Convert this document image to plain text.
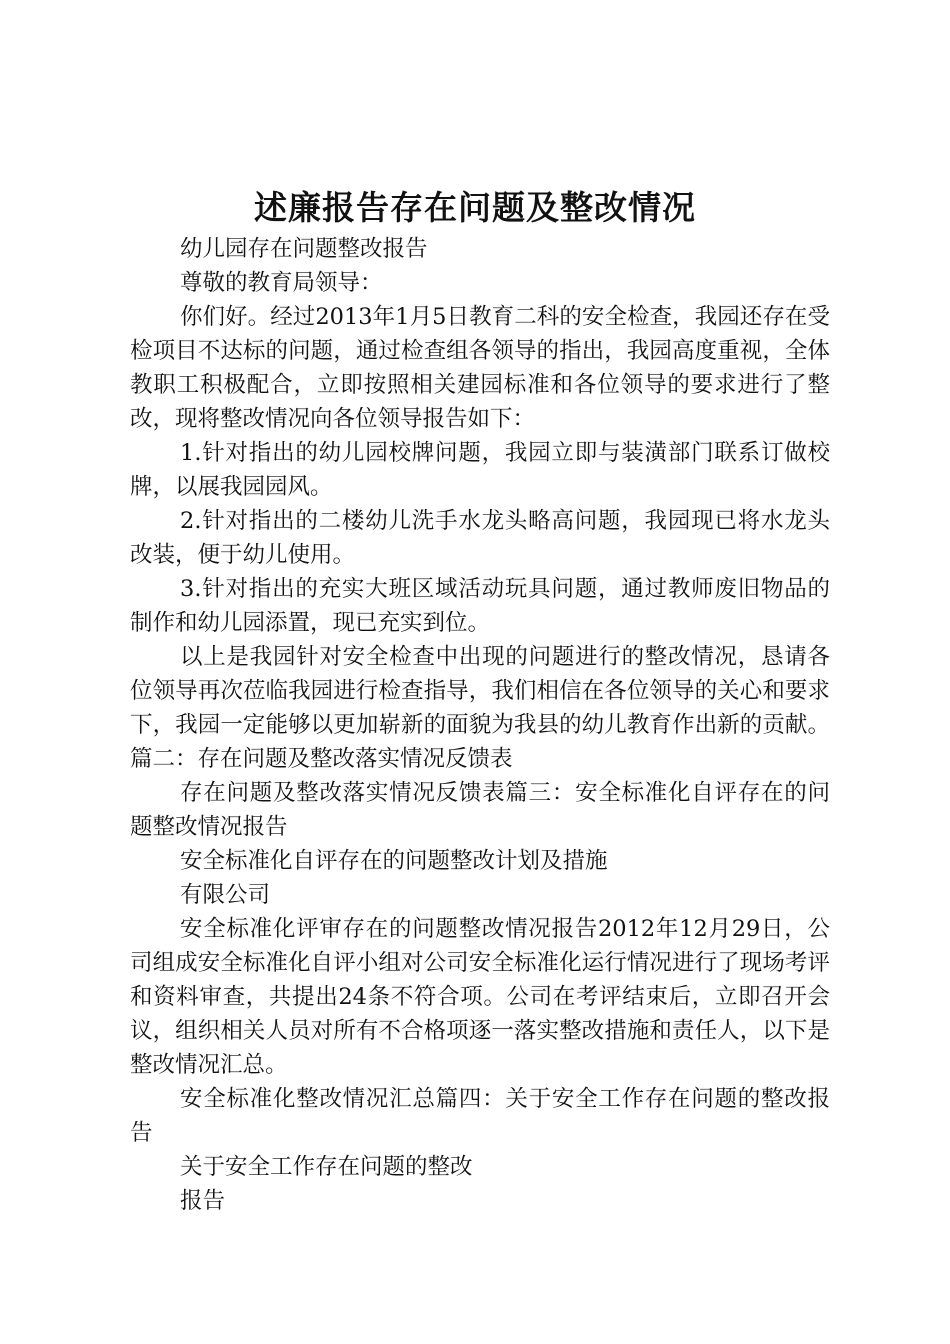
述廉报告存在问题及整改情况

幼儿园存在问题整改报告

尊敬的教育局领导：

你们好。经过2013年1月5日教育二科的安全检查，我园还存在受检项目不达标的问题，通过检查组各领导的指出，我园高度重视，全体教职工积极配合，立即按照相关建园标准和各位领导的要求进行了整改，现将整改情况向各位领导报告如下：

1.针对指出的幼儿园校牌问题，我园立即与装潢部门联系订做校牌，以展我园园风。

2.针对指出的二楼幼儿洗手水龙头略高问题，我园现已将水龙头改装，便于幼儿使用。

3.针对指出的充实大班区域活动玩具问题，通过教师废旧物品的制作和幼儿园添置，现已充实到位。

以上是我园针对安全检查中出现的问题进行的整改情况，恳请各位领导再次莅临我园进行检查指导，我们相信在各位领导的关心和要求下，我园一定能够以更加崭新的面貌为我县的幼儿教育作出新的贡献。篇二：存在问题及整改落实情况反馈表

存在问题及整改落实情况反馈表篇三：安全标准化自评存在的问题整改情况报告

安全标准化自评存在的问题整改计划及措施

有限公司

安全标准化评审存在的问题整改情况报告2012年12月29日，公司组成安全标准化自评小组对公司安全标准化运行情况进行了现场考评和资料审查，共提出24条不符合项。公司在考评结束后，立即召开会议，组织相关人员对所有不合格项逐一落实整改措施和责任人，以下是整改情况汇总。

安全标准化整改情况汇总篇四：关于安全工作存在问题的整改报告

关于安全工作存在问题的整改

报告
